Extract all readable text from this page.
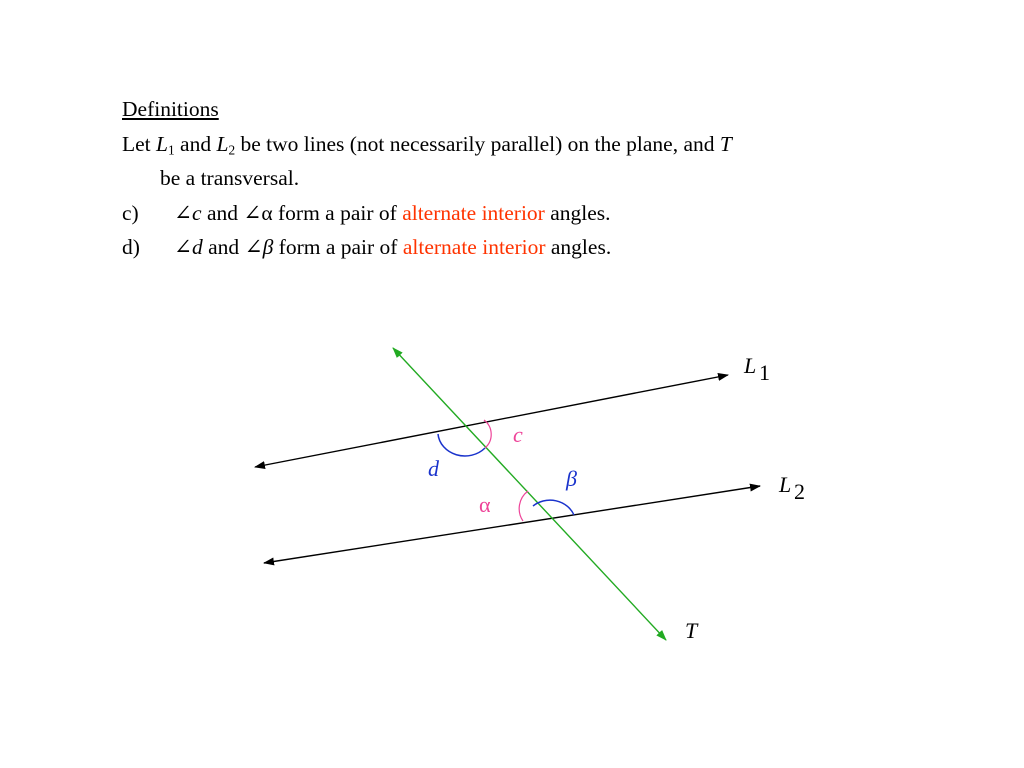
Definitions
Let $L_1$ and $L_2$ be two lines (not necessarily parallel) on the plane, and T
be a transversal.
c) ∠c and ∠α form a pair of alternate interior angles.
d) ∠d and ∠β form a pair of alternate interior angles.
L 1
L 2
T
c
d
α
β
